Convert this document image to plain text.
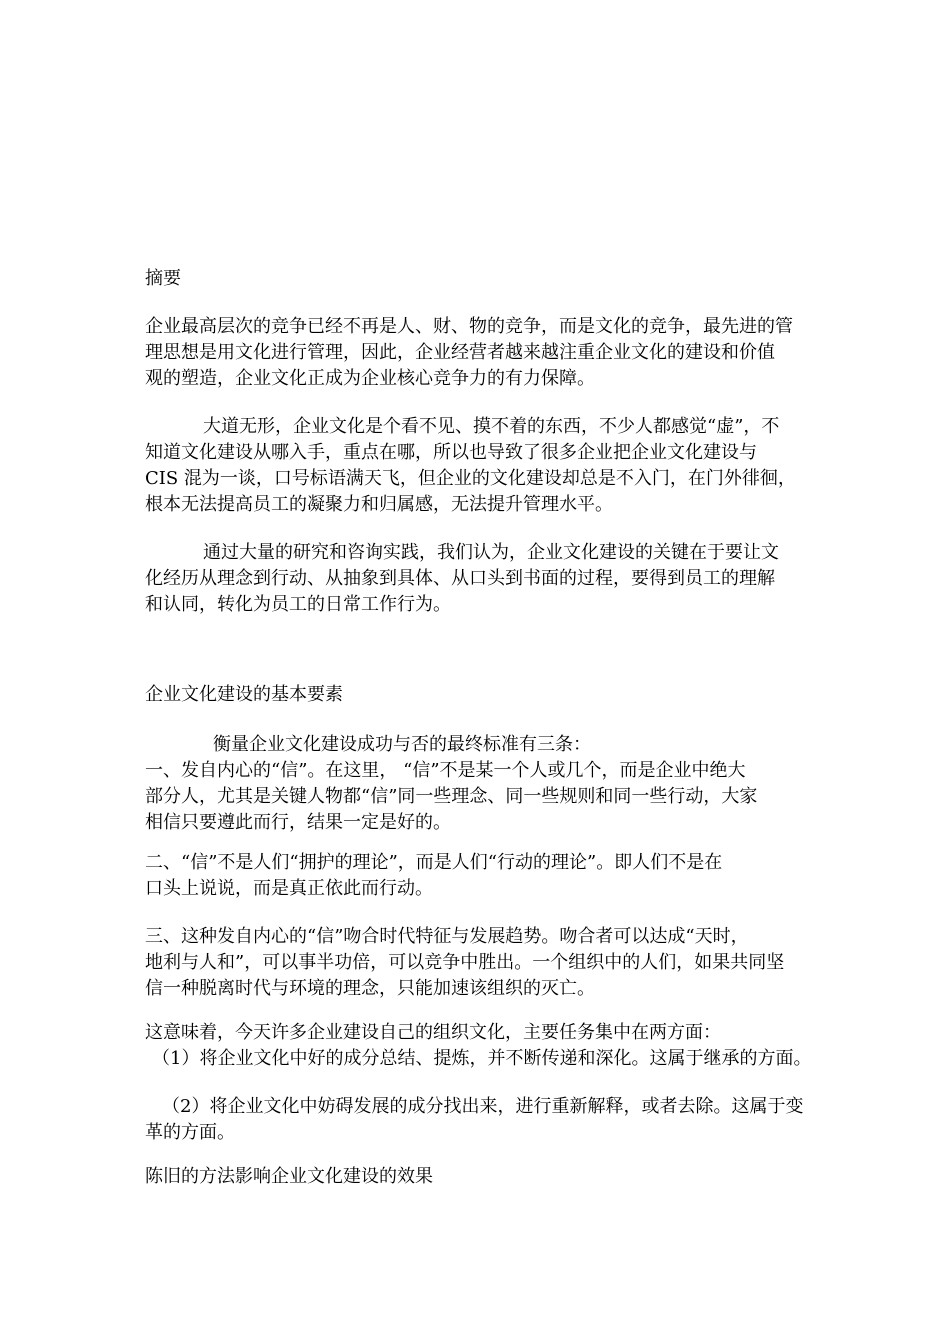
摘要

企业最高层次的竞争已经不再是人、财、物的竞争，而是文化的竞争，最先进的管
理思想是用文化进行管理，因此，企业经营者越来越注重企业文化的建设和价值
观的塑造，企业文化正成为企业核心竞争力的有力保障。

大道无形，企业文化是个看不见、摸不着的东西，不少人都感觉“虚”，不
知道文化建设从哪入手，重点在哪，所以也导致了很多企业把企业文化建设与
CIS 混为一谈，口号标语满天飞，但企业的文化建设却总是不入门，在门外徘徊，
根本无法提高员工的凝聚力和归属感，无法提升管理水平。

通过大量的研究和咨询实践，我们认为，企业文化建设的关键在于要让文
化经历从理念到行动、从抽象到具体、从口头到书面的过程，要得到员工的理解
和认同，转化为员工的日常工作行为。

企业文化建设的基本要素

衡量企业文化建设成功与否的最终标准有三条：

一、发自内心的“信”。在这里， “信”不是某一个人或几个，而是企业中绝大
部分人，尤其是关键人物都“信”同一些理念、同一些规则和同一些行动，大家
相信只要遵此而行，结果一定是好的。

二、“信”不是人们“拥护的理论”，而是人们“行动的理论”。即人们不是在
口头上说说，而是真正依此而行动。

三、这种发自内心的“信”吻合时代特征与发展趋势。吻合者可以达成“天时，
地利与人和”，可以事半功倍，可以竞争中胜出。一个组织中的人们，如果共同坚
信一种脱离时代与环境的理念，只能加速该组织的灭亡。

这意味着，今天许多企业建设自己的组织文化，主要任务集中在两方面：
（1）将企业文化中好的成分总结、提炼，并不断传递和深化。这属于继承的方面。

（2）将企业文化中妨碍发展的成分找出来，进行重新解释，或者去除。这属于变
革的方面。

陈旧的方法影响企业文化建设的效果
